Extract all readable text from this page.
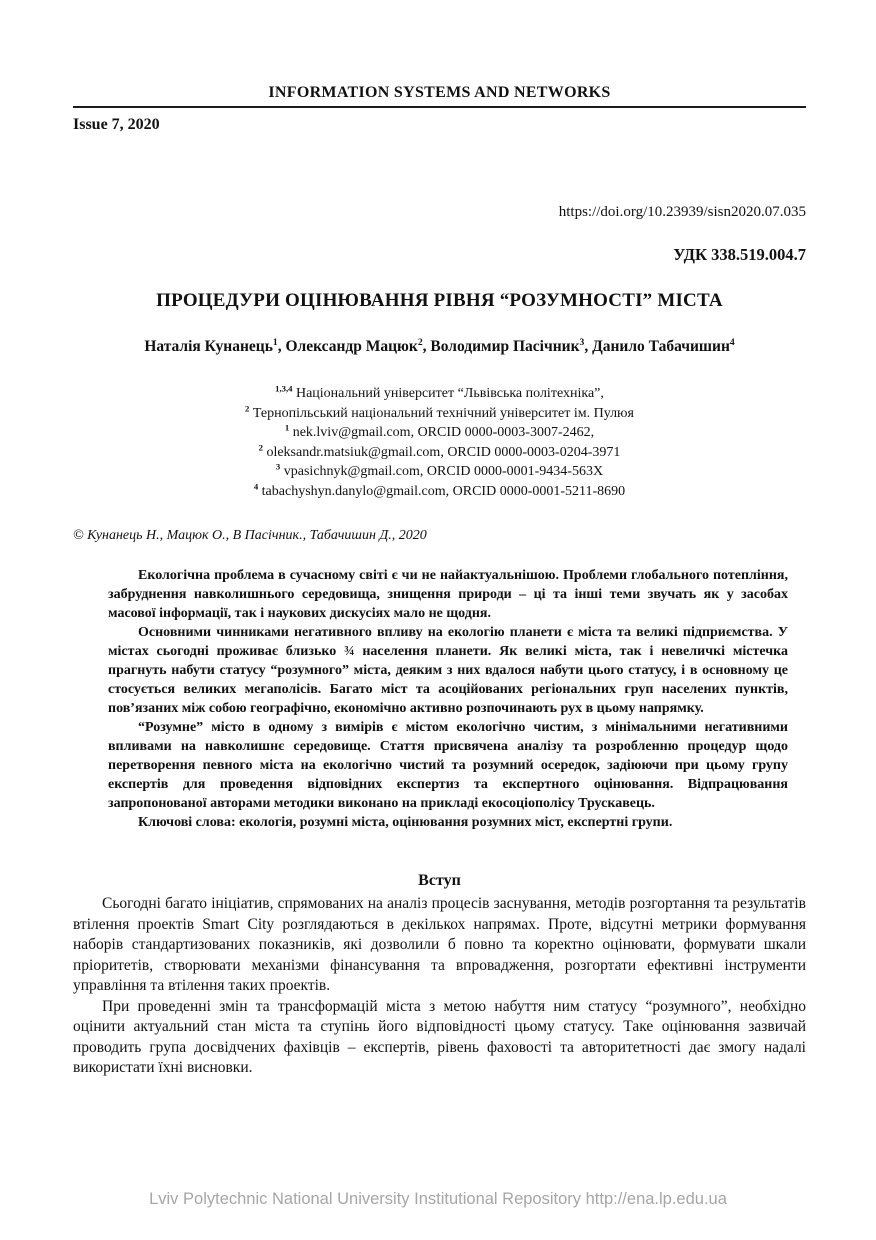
INFORMATION SYSTEMS AND NETWORKS
Issue 7, 2020
https://doi.org/10.23939/sisn2020.07.035
УДК 338.519.004.7
ПРОЦЕДУРИ ОЦІНЮВАННЯ РІВНЯ “РОЗУМНОСТІ” МІСТА
Наталія Кунанець$^1$, Олександр Мацюк$^2$, Володимир Пасічник$^3$, Данило Табачишин$^4$
$^{1,3,4}$ Національний університет “Львівська політехніка”,
$^2$ Тернопільський національний технічний університет ім. Пулюя
$^1$ nek.lviv@gmail.com, ORCID 0000-0003-3007-2462,
$^2$ oleksandr.matsiuk@gmail.com, ORCID 0000-0003-0204-3971
$^3$ vpasichnyk@gmail.com, ORCID 0000-0001-9434-563X
$^4$ tabachyshyn.danylo@gmail.com, ORCID 0000-0001-5211-8690
© Кунанець Н., Мацюк О., В Пасічник., Табачишин Д., 2020

Екологічна проблема в сучасному світі є чи не найактуальнішою. Проблеми глобального потепління, забруднення навколишнього середовища, знищення природи – ці та інші теми звучать як у засобах масової інформації, так і наукових дискусіях мало не щодня.

Основними чинниками негативного впливу на екологію планети є міста та великі підприємства. У містах сьогодні проживає близько ¾ населення планети. Як великі міста, так і невеличкі містечка прагнуть набути статусу “розумного” міста, деяким з них вдалося набути цього статусу, і в основному це стосується великих мегаполісів. Багато міст та асоційованих регіональних груп населених пунктів, пов’язаних між собою географічно, економічно активно розпочинають рух в цьому напрямку.

“Розумне” місто в одному з вимірів є містом екологічно чистим, з мінімальними негативними впливами на навколишнє середовище. Стаття присвячена аналізу та розробленню процедур щодо перетворення певного міста на екологічно чистий та розумний осередок, задіюючи при цьому групу експертів для проведення відповідних експертиз та експертного оцінювання. Відпрацювання запропонованої авторами методики виконано на прикладі екосоціополісу Трускавець.

Ключові слова: екологія, розумні міста, оцінювання розумних міст, експертні групи.

Вступ

Сьогодні багато ініціатив, спрямованих на аналіз процесів заснування, методів розгортання та результатів втілення проектів Smart City розглядаються в декількох напрямах. Проте, відсутні метрики формування наборів стандартизованих показників, які дозволили б повно та коректно оцінювати, формувати шкали пріоритетів, створювати механізми фінансування та впровадження, розгортати ефективні інструменти управління та втілення таких проектів.

При проведенні змін та трансформацій міста з метою набуття ним статусу “розумного”, необхідно оцінити актуальний стан міста та ступінь його відповідності цьому статусу. Таке оцінювання зазвичай проводить група досвідчених фахівців – експертів, рівень фаховості та авторитетності дає змогу надалі використати їхні висновки.

Lviv Polytechnic National University Institutional Repository http://ena.lp.edu.ua
